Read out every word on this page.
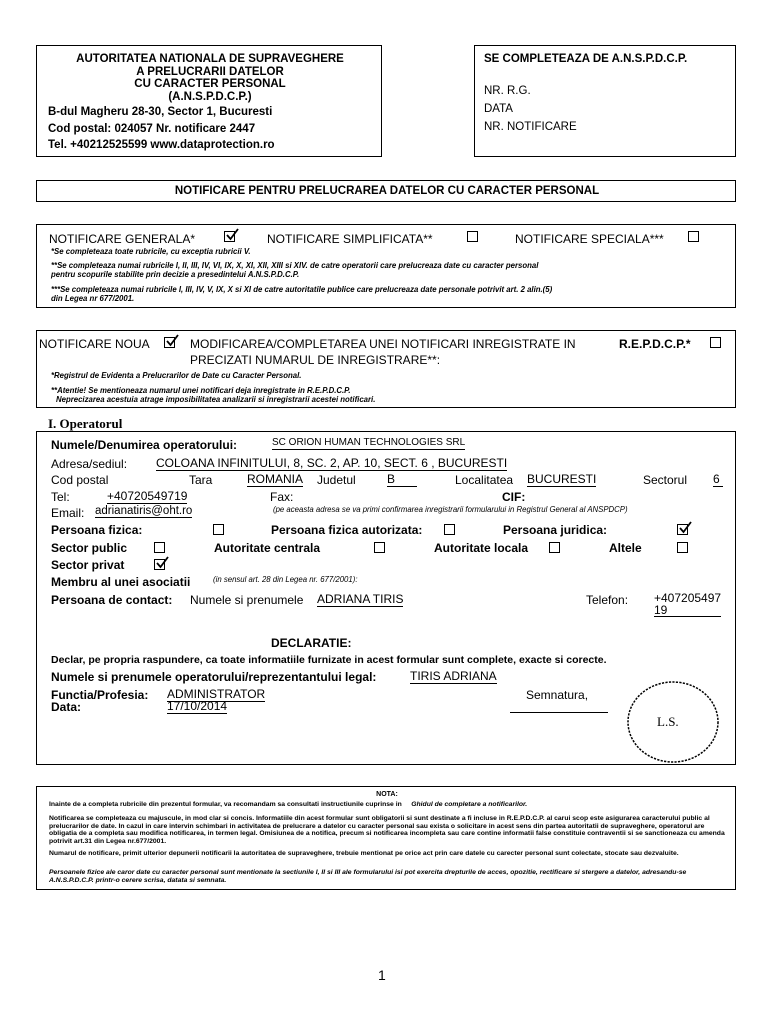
AUTORITATEA NATIONALA DE SUPRAVEGHERE
A PRELUCRARII DATELOR
CU CARACTER PERSONAL
(A.N.S.P.D.C.P.)
B-dul Magheru 28-30, Sector 1, Bucuresti
Cod postal: 024057 Nr. notificare 2447
Tel. +40212525599 www.dataprotection.ro
SE COMPLETEAZA DE A.N.S.P.D.C.P.
NR. R.G.
DATA
NR. NOTIFICARE
NOTIFICARE PENTRU PRELUCRAREA DATELOR CU CARACTER PERSONAL
NOTIFICARE GENERALA*	NOTIFICARE SIMPLIFICATA**	NOTIFICARE SPECIALA***
*Se completeaza toate rubricile, cu exceptia rubricii V.
**Se completeaza numai rubricile I, II, III, IV, VI, IX, X, XI, XII, XIII si XIV. de catre operatorii care prelucreaza date cu caracter personal
pentru scopurile stabilite prin decizie a presedintelui A.N.S.P.D.C.P.
***Se completeaza numai rubricile I, III, IV, V, IX, X si XI de catre autoritatile publice care prelucreaza date personale potrivit art. 2 alin.(5)
din Legea nr 677/2001.
NOTIFICARE NOUA	MODIFICAREA/COMPLETAREA UNEI NOTIFICARI INREGISTRATE IN	R.E.P.D.C.P.*
PRECIZATI NUMARUL DE INREGISTRARE**:
*Registrul de Evidenta a Prelucrarilor de Date cu Caracter Personal.
**Atentie! Se mentioneaza numarul unei notificari deja inregistrate in R.E.P.D.C.P.
Neprecizarea acestuia atrage imposibilitatea analizarii si inregistrarii acestei notificari.
I. Operatorul
Numele/Denumirea operatorului:	SC ORION HUMAN TECHNOLOGIES SRL
Adresa/sediul: COLOANA INFINITULUI, 8, SC. 2, AP. 10, SECT. 6 , BUCURESTI
Cod postal	Tara	ROMANIA Judetul	B	Localitatea BUCURESTI	Sectorul 6
Tel:	+40720549719	Fax:	CIF:
Email: adrianatiris@oht.ro	(pe aceasta adresa se va primi confirmarea inregistrarii formularului in Registrul General al ANSPDCP)
Persoana fizica:	Persoana fizica autorizata:	Persoana juridica:
Sector public	Autoritate centrala	Autoritate locala	Altele
Sector privat
Membru al unei asociatii	(in sensul art. 28 din Legea nr. 677/2001):
Persoana de contact: Numele si prenumele ADRIANA TIRIS	Telefon: +407205497
19
DECLARATIE:
Declar, pe propria raspundere, ca toate informatiile furnizate in acest formular sunt complete, exacte si corecte.
Numele si prenumele operatorului/reprezentantului legal:	TIRIS ADRIANA
Functia/Profesia: ADMINISTRATOR
Data:	17/10/2014
Semnatura,
L.S.
NOTA:
Inainte de a completa rubricile din prezentul formular, va recomandam sa consultati instructiunile cuprinse in Ghidul de completare a notificarilor.
Notificarea se completeaza cu majuscule, in mod clar si concis. Informatiile din acest formular sunt obligatorii si sunt destinate a fi incluse in R.E.P.D.C.P. al carui scop este asigurarea caracterului public al prelucrarilor de date. In cazul in care intervin schimbari in activitatea de prelucrare a datelor cu caracter personal sau exista o solicitare in acest sens din partea autoritatii de supraveghere, operatorul are obligatia de a completa sau modifica notificarea, in termen legal. Omisiunea de a notifica, precum si notificarea incompleta sau care contine informatii false constituie contraventii si se sanctioneaza cu amenda potrivit art.31 din Legea nr.677/2001.
Numarul de notificare, primit ulterior depunerii notificarii la autoritatea de supraveghere, trebuie mentionat pe orice act prin care datele cu carecter personal sunt colectate, stocate sau dezvaluite.
Persoanele fizice ale caror date cu caracter personal sunt mentionate la sectiunile I, II si III ale formularului isi pot exercita drepturile de acces, opozitie, rectificare si stergere a datelor, adresandu-se A.N.S.P.D.C.P. printr-o cerere scrisa, datata si semnata.
1
